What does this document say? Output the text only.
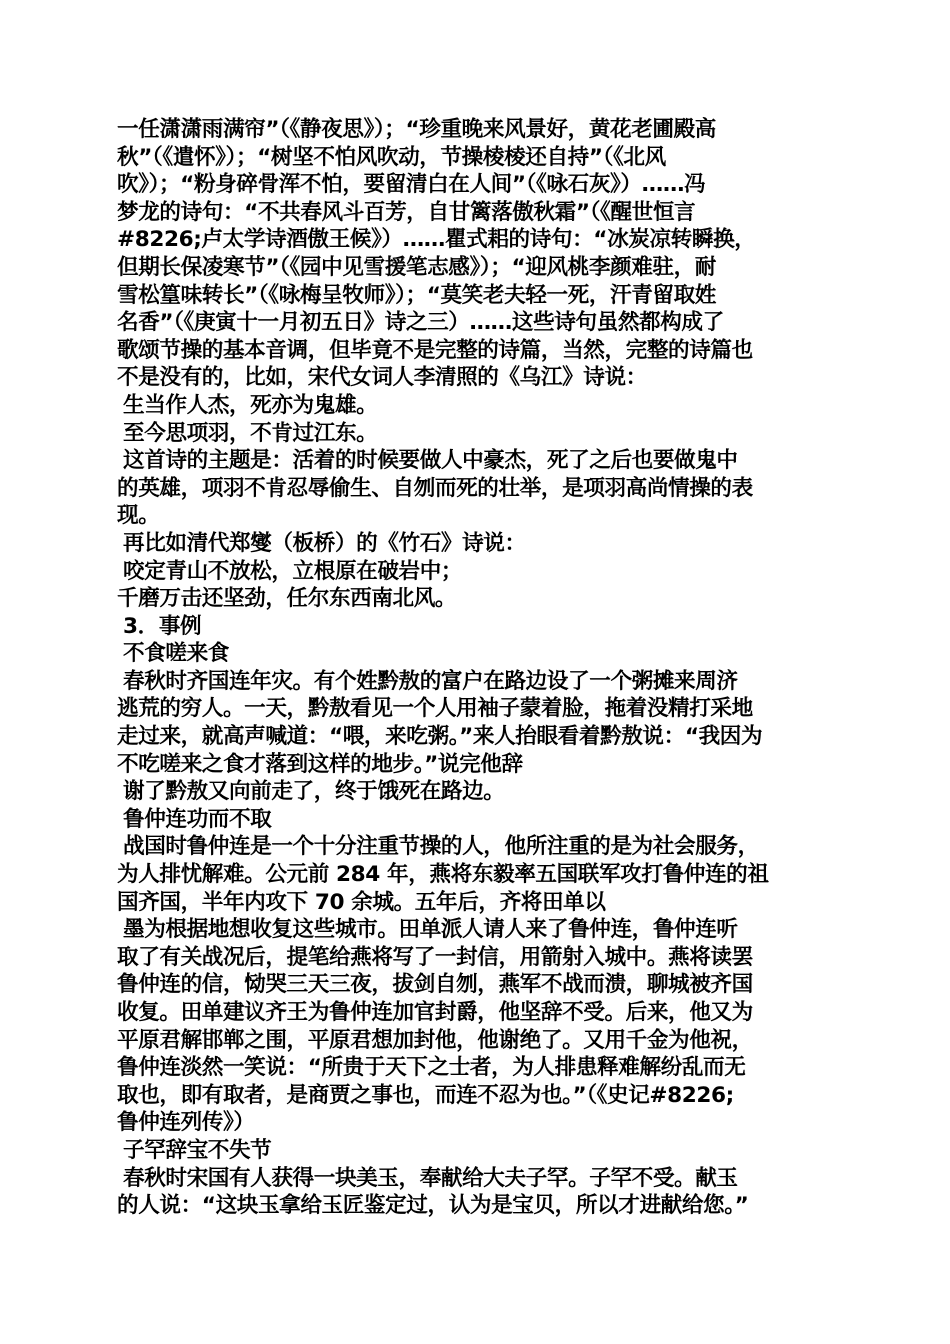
一任潇潇雨满帘”（《静夜思》）；“珍重晚来风景好，黄花老圃殿高
秋”（《遣怀》）；“树坚不怕风吹动，节操棱棱还自持”（《北风
吹》）；“粉身碎骨浑不怕，要留清白在人间”（《咏石灰》）……冯
梦龙的诗句：“不共春风斗百芳，自甘篱落傲秋霜”（《醒世恒言
#8226;卢太学诗酒傲王候》）……瞿式耜的诗句：“冰炭凉转瞬换，
但期长保凌寒节”（《园中见雪援笔志感》）；“迎风桃李颜难驻，耐
雪松篁味转长”（《咏梅呈牧师》）；“莫笑老夫轻一死，汗青留取姓
名香”（《庚寅十一月初五日》诗之三）……这些诗句虽然都构成了
歌颂节操的基本音调，但毕竟不是完整的诗篇，当然，完整的诗篇也
不是没有的，比如，宋代女词人李清照的《乌江》诗说：
生当作人杰，死亦为鬼雄。
至今思项羽，不肯过江东。
这首诗的主题是：活着的时候要做人中豪杰，死了之后也要做鬼中
的英雄，项羽不肯忍辱偷生、自刎而死的壮举，是项羽高尚情操的表
现。
再比如清代郑燮（板桥）的《竹石》诗说：
咬定青山不放松，立根原在破岩中；
千磨万击还坚劲，任尔东西南北风。
3．事例
不食嗟来食
春秋时齐国连年灾。有个姓黔敖的富户在路边设了一个粥摊来周济
逃荒的穷人。一天，黔敖看见一个人用袖子蒙着脸，拖着没精打采地
走过来，就高声喊道：“喂，来吃粥。”来人抬眼看着黔敖说：“我因为
不吃嗟来之食才落到这样的地步。”说完他辞
谢了黔敖又向前走了，终于饿死在路边。
鲁仲连功而不取
战国时鲁仲连是一个十分注重节操的人，他所注重的是为社会服务，
为人排忧解难。公元前 284 年，燕将东毅率五国联军攻打鲁仲连的祖
国齐国，半年内攻下 70 余城。五年后，齐将田单以
墨为根据地想收复这些城市。田单派人请人来了鲁仲连，鲁仲连听
取了有关战况后，提笔给燕将写了一封信，用箭射入城中。燕将读罢
鲁仲连的信，恸哭三天三夜，拔剑自刎，燕军不战而溃，聊城被齐国
收复。田单建议齐王为鲁仲连加官封爵，他坚辞不受。后来，他又为
平原君解邯郸之围，平原君想加封他，他谢绝了。又用千金为他祝，
鲁仲连淡然一笑说：“所贵于天下之士者，为人排患释难解纷乱而无
取也，即有取者，是商贾之事也，而连不忍为也。”（《史记#8226;
鲁仲连列传》）
子罕辞宝不失节
春秋时宋国有人获得一块美玉，奉献给大夫子罕。子罕不受。献玉
的人说：“这块玉拿给玉匠鉴定过，认为是宝贝，所以才进献给您。”
